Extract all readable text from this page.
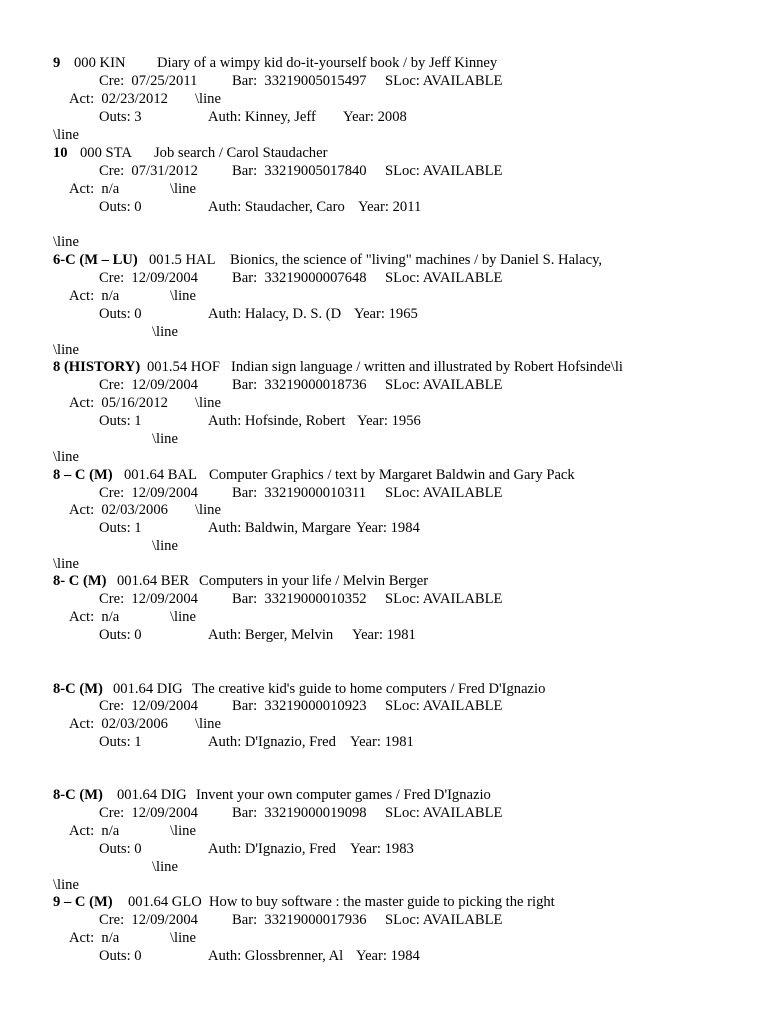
9 000 KIN Diary of a wimpy kid do-it-yourself book / by Jeff Kinney
Cre:  07/25/2011 Bar:  33219005015497 SLoc: AVAILABLE
Act:  02/23/2012 \line
Outs: 3	Auth: Kinney, Jeff Year: 2008
\line
10 000 STA Job search / Carol Staudacher
Cre:  07/31/2012 Bar:  33219005017840 SLoc: AVAILABLE
Act:  n/a	\line
Outs: 0	Auth: Staudacher, Caro Year: 2011
\line
6-C (M – LU) 001.5 HAL Bionics, the science of "living" machines / by Daniel S. Halacy,
Cre:  12/09/2004 Bar:  33219000007648 SLoc: AVAILABLE
Act:  n/a	\line
Outs: 0	Auth: Halacy, D. S. (D Year: 1965
\line
\line
8 (HISTORY) 001.54 HOF Indian sign language / written and illustrated by Robert Hofsinde\li
Cre:  12/09/2004 Bar:  33219000018736 SLoc: AVAILABLE
Act:  05/16/2012 \line
Outs: 1	Auth: Hofsinde, Robert Year: 1956
\line
\line
8 – C (M) 001.64 BAL Computer Graphics / text by Margaret Baldwin and Gary Pack
Cre:  12/09/2004 Bar:  33219000010311 SLoc: AVAILABLE
Act:  02/03/2006 \line
Outs: 1	Auth: Baldwin, Margare Year: 1984
\line
\line
8- C (M) 001.64 BER Computers in your life / Melvin Berger
Cre:  12/09/2004 Bar:  33219000010352 SLoc: AVAILABLE
Act:  n/a	\line
Outs: 0	Auth: Berger, Melvin Year: 1981
8-C (M) 001.64 DIG The creative kid's guide to home computers / Fred D'Ignazio
Cre:  12/09/2004 Bar:  33219000010923 SLoc: AVAILABLE
Act:  02/03/2006 \line
Outs: 1	Auth: D'Ignazio, Fred Year: 1981
8-C (M) 001.64 DIG Invent your own computer games / Fred D'Ignazio
Cre:  12/09/2004 Bar:  33219000019098 SLoc: AVAILABLE
Act:  n/a	\line
Outs: 0	Auth: D'Ignazio, Fred Year: 1983
\line
\line
9 – C (M) 001.64 GLO How to buy software : the master guide to picking the right
Cre:  12/09/2004 Bar:  33219000017936 SLoc: AVAILABLE
Act:  n/a	\line
Outs: 0	Auth: Glossbrenner, Al Year: 1984
